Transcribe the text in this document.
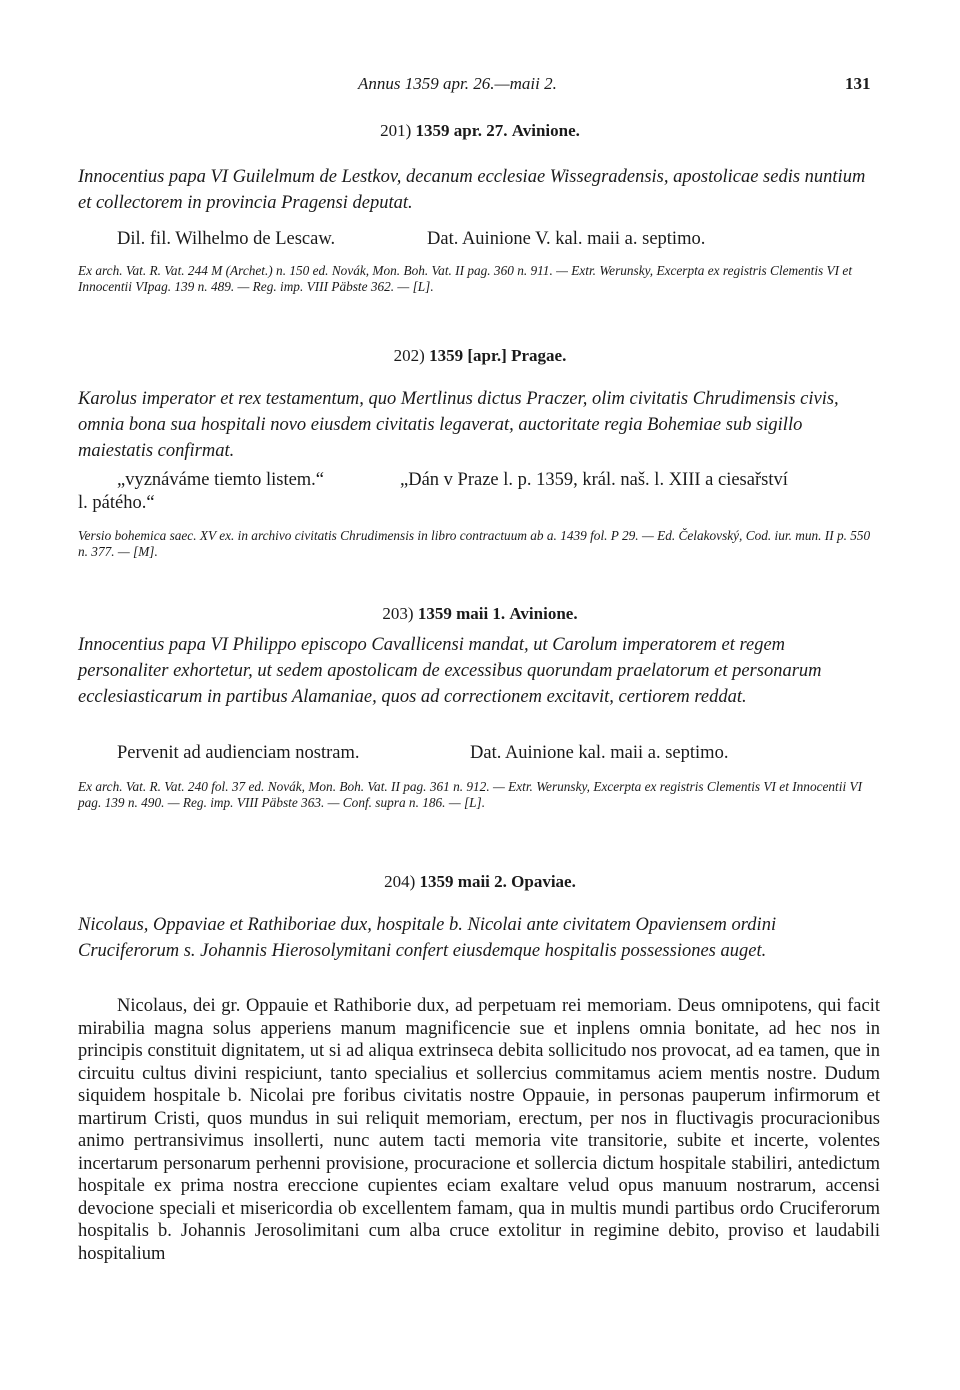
Annus 1359 apr. 26.—maii 2.	131
201) 1359 apr. 27. Avinione.
Innocentius papa VI Guilelmum de Lestkov, decanum ecclesiae Wissegradensis, apostolicae sedis nuntium et collectorem in provincia Pragensi deputat.
Dil. fil. Wilhelmo de Lescaw.	Dat. Auinione V. kal. maii a. septimo.
Ex arch. Vat. R. Vat. 244 M (Archet.) n. 150 ed. Novák, Mon. Boh. Vat. II pag. 360 n. 911. — Extr. Werunsky, Excerpta ex registris Clementis VI et Innocentii VIpag. 139 n. 489. — Reg. imp. VIII Päbste 362. — [L].
202) 1359 [apr.] Pragae.
Karolus imperator et rex testamentum, quo Mertlinus dictus Praczer, olim civitatis Chrudimensis civis, omnia bona sua hospitali novo eiusdem civitatis legaverat, auctoritate regia Bohemiae sub sigillo maiestatis confirmat.
„vyznáváme tiemto listem.“	„Dán v Praze l. p. 1359, král. naš. l. XIII a ciesařství
l. pátého.“
Versio bohemica saec. XV ex. in archivo civitatis Chrudimensis in libro contractuum ab a. 1439 fol. P 29. — Ed. Čelakovský, Cod. iur. mun. II p. 550 n. 377. — [M].
203) 1359 maii 1. Avinione.
Innocentius papa VI Philippo episcopo Cavallicensi mandat, ut Carolum imperatorem et regem personaliter exhortetur, ut sedem apostolicam de excessibus quorundam praelatorum et personarum ecclesiasticarum in partibus Alamaniae, quos ad correctionem excitavit, certiorem reddat.
Pervenit ad audienciam nostram.	Dat. Auinione kal. maii a. septimo.
Ex arch. Vat. R. Vat. 240 fol. 37 ed. Novák, Mon. Boh. Vat. II pag. 361 n. 912. — Extr. Werunsky, Excerpta ex registris Clementis VI et Innocentii VI pag. 139 n. 490. — Reg. imp. VIII Päbste 363. — Conf. supra n. 186. — [L].
204) 1359 maii 2. Opaviae.
Nicolaus, Oppaviae et Rathiboriae dux, hospitale b. Nicolai ante civitatem Opaviensem ordini Cruciferorum s. Johannis Hierosolymitani confert eiusdemque hospitalis possessiones auget.
Nicolaus, dei gr. Oppauie et Rathiborie dux, ad perpetuam rei memoriam. Deus omnipotens, qui facit mirabilia magna solus apperiens manum magnificencie sue et inplens omnia bonitate, ad hec nos in principis constituit dignitatem, ut si ad aliqua extrinseca debita sollicitudo nos provocat, ad ea tamen, que in circuitu cultus divini respiciunt, tanto specialius et sollercius commitamus aciem mentis nostre. Dudum siquidem hospitale b. Nicolai pre foribus civitatis nostre Oppauie, in personas pauperum infirmorum et martirum Cristi, quos mundus in sui reliquit memoriam, erectum, per nos in fluctivagis procuracionibus animo pertransivimus insollerti, nunc autem tacti memoria vite transitorie, subite et incerte, volentes incertarum personarum perhenni provisione, procuracione et sollercia dictum hospitale stabiliri, antedictum hospitale ex prima nostra ereccione cupientes eciam exaltare velud opus manuum nostrarum, accensi devocione speciali et misericordia ob excellentem famam, qua in multis mundi partibus ordo Cruciferorum hospitalis b. Johannis Jerosolimitani cum alba cruce extolitur in regimine debito, proviso et laudabili hospitalium
